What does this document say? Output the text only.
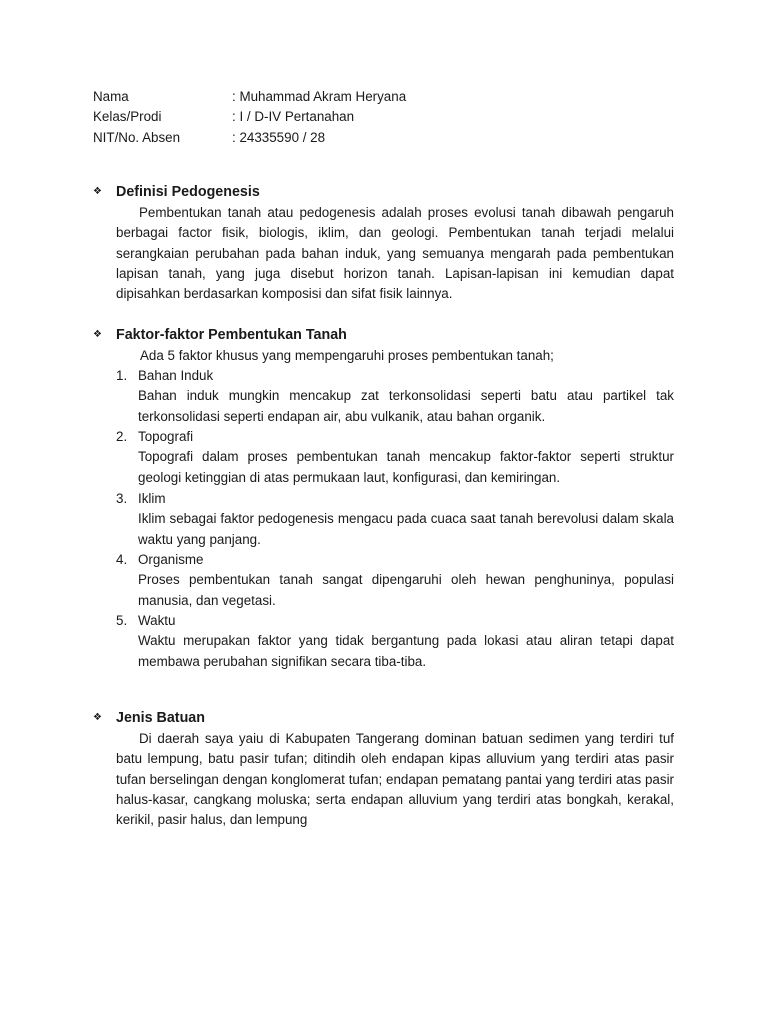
Nama	: Muhammad Akram Heryana
Kelas/Prodi	: I / D-IV Pertanahan
NIT/No. Absen	: 24335590 / 28
❖ Definisi Pedogenesis
Pembentukan tanah atau pedogenesis adalah proses evolusi tanah dibawah pengaruh berbagai factor fisik, biologis, iklim, dan geologi. Pembentukan tanah terjadi melalui serangkaian perubahan pada bahan induk, yang semuanya mengarah pada pembentukan lapisan tanah, yang juga disebut horizon tanah. Lapisan-lapisan ini kemudian dapat dipisahkan berdasarkan komposisi dan sifat fisik lainnya.
❖ Faktor-faktor Pembentukan Tanah
Ada 5 faktor khusus yang mempengaruhi proses pembentukan tanah;
1. Bahan Induk
Bahan induk mungkin mencakup zat terkonsolidasi seperti batu atau partikel tak terkonsolidasi seperti endapan air, abu vulkanik, atau bahan organik.
2. Topografi
Topografi dalam proses pembentukan tanah mencakup faktor-faktor seperti struktur geologi ketinggian di atas permukaan laut, konfigurasi, dan kemiringan.
3. Iklim
Iklim sebagai faktor pedogenesis mengacu pada cuaca saat tanah berevolusi dalam skala waktu yang panjang.
4. Organisme
Proses pembentukan tanah sangat dipengaruhi oleh hewan penghuninya, populasi manusia, dan vegetasi.
5. Waktu
Waktu merupakan faktor yang tidak bergantung pada lokasi atau aliran tetapi dapat membawa perubahan signifikan secara tiba-tiba.
❖ Jenis Batuan
Di daerah saya yaiu di Kabupaten Tangerang dominan batuan sedimen yang terdiri tuf batu lempung, batu pasir tufan; ditindih oleh endapan kipas alluvium yang terdiri atas pasir tufan berselingan dengan konglomerat tufan; endapan pematang pantai yang terdiri atas pasir halus-kasar, cangkang moluska; serta endapan alluvium yang terdiri atas bongkah, kerakal, kerikil, pasir halus, dan lempung
